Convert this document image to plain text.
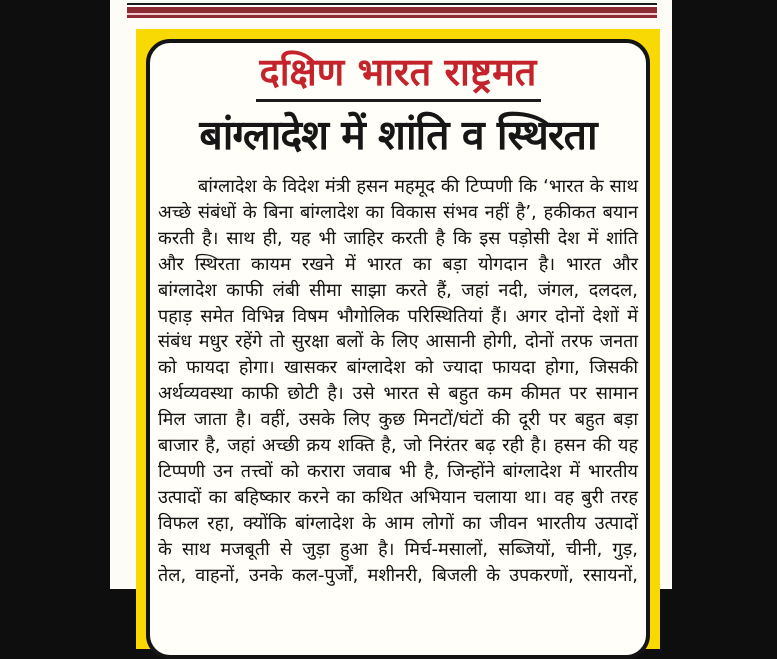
दक्षिण भारत राष्ट्रमत
बांग्लादेश में शांति व स्थिरता
बांग्लादेश के विदेश मंत्री हसन महमूद की टिप्पणी कि ‘भारत के साथ
अच्छे संबंधों के बिना बांग्लादेश का विकास संभव नहीं है’, हकीकत बयान
करती है। साथ ही, यह भी जाहिर करती है कि इस पड़ोसी देश में शांति
और स्थिरता कायम रखने में भारत का बड़ा योगदान है। भारत और
बांग्लादेश काफी लंबी सीमा साझा करते हैं, जहां नदी, जंगल, दलदल,
पहाड़ समेत विभिन्न विषम भौगोलिक परिस्थितियां हैं। अगर दोनों देशों में
संबंध मधुर रहेंगे तो सुरक्षा बलों के लिए आसानी होगी, दोनों तरफ जनता
को फायदा होगा। खासकर बांग्लादेश को ज्यादा फायदा होगा, जिसकी
अर्थव्यवस्था काफी छोटी है। उसे भारत से बहुत कम कीमत पर सामान
मिल जाता है। वहीं, उसके लिए कुछ मिनटों/घंटों की दूरी पर बहुत बड़ा
बाजार है, जहां अच्छी क्रय शक्ति है, जो निरंतर बढ़ रही है। हसन की यह
टिप्पणी उन तत्त्वों को करारा जवाब भी है, जिन्होंने बांग्लादेश में भारतीय
उत्पादों का बहिष्कार करने का कथित अभियान चलाया था। वह बुरी तरह
विफल रहा, क्योंकि बांग्लादेश के आम लोगों का जीवन भारतीय उत्पादों
के साथ मजबूती से जुड़ा हुआ है। मिर्च-मसालों, सब्जियों, चीनी, गुड़,
तेल, वाहनों, उनके कल-पुर्जों, मशीनरी, बिजली के उपकरणों, रसायनों,
